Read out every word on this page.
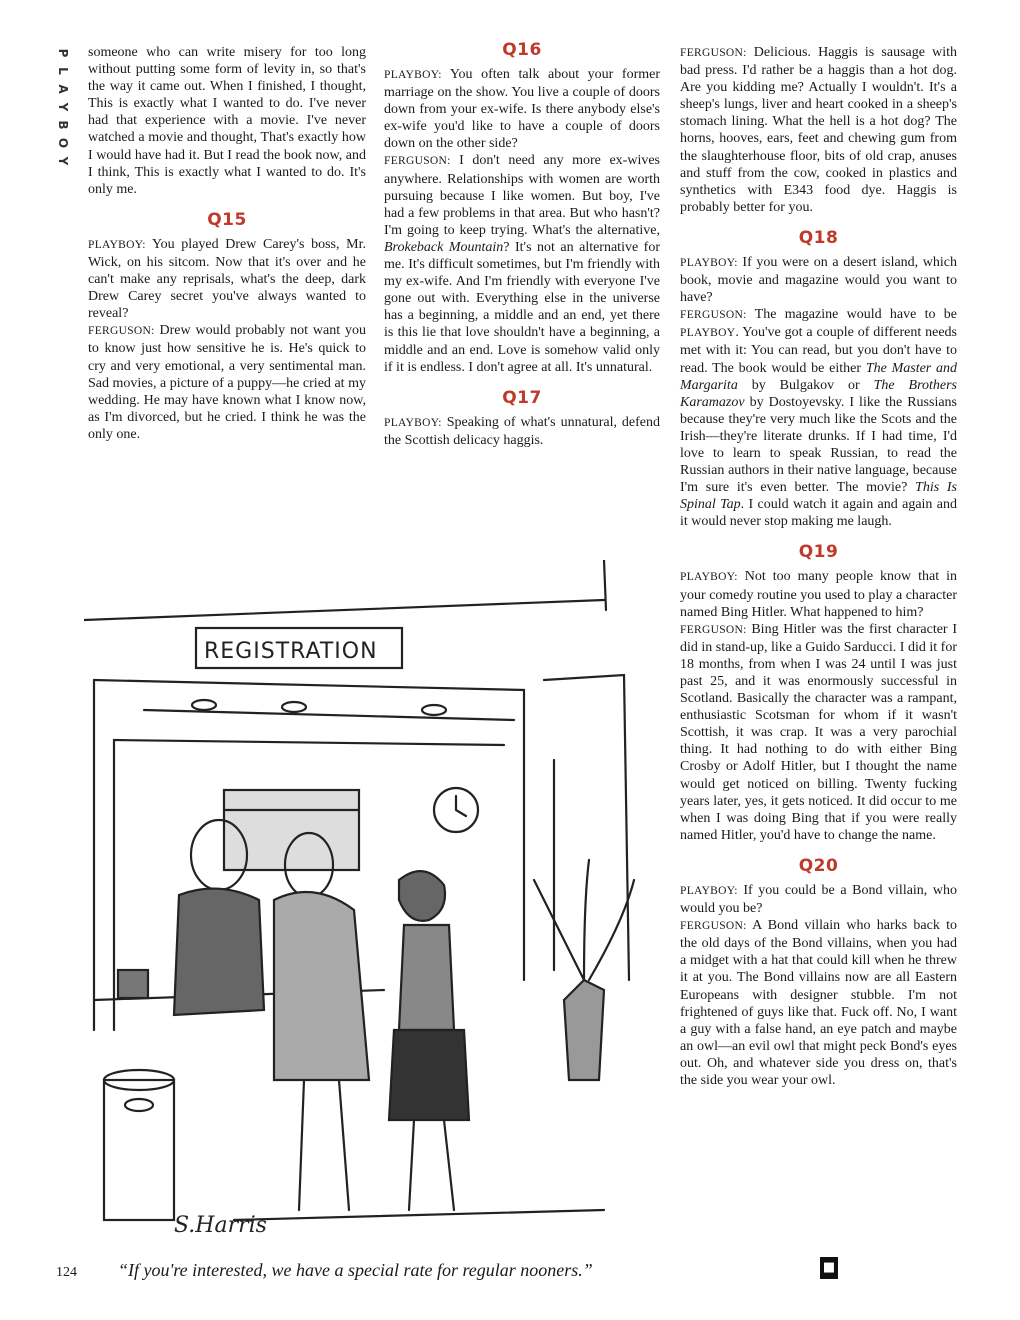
P
L
A
Y
B
O
Y

someone who can write misery for too long without putting some form of levity in, so that's the way it came out. When I finished, I thought, This is exactly what I wanted to do. I've never had that experience with a movie. I've never watched a movie and thought, That's exactly how I would have had it. But I read the book now, and I think, This is exactly what I wanted to do. It's only me.

Q15

PLAYBOY: You played Drew Carey's boss, Mr. Wick, on his sitcom. Now that it's over and he can't make any reprisals, what's the deep, dark Drew Carey secret you've always wanted to reveal?

FERGUSON: Drew would probably not want you to know just how sensitive he is. He's quick to cry and very emotional, a very sentimental man. Sad movies, a picture of a puppy—he cried at my wedding. He may have known what I know now, as I'm divorced, but he cried. I think he was the only one.

Q16

PLAYBOY: You often talk about your former marriage on the show. You live a couple of doors down from your ex-wife. Is there anybody else's ex-wife you'd like to have a couple of doors down on the other side?

FERGUSON: I don't need any more ex-wives anywhere. Relationships with women are worth pursuing because I like women. But boy, I've had a few problems in that area. But who hasn't? I'm going to keep trying. What's the alternative, Brokeback Mountain? It's not an alternative for me. It's difficult sometimes, but I'm friendly with my ex-wife. And I'm friendly with everyone I've gone out with. Everything else in the universe has a beginning, a middle and an end, yet there is this lie that love shouldn't have a beginning, a middle and an end. Love is somehow valid only if it is endless. I don't agree at all. It's unnatural.

Q17

PLAYBOY: Speaking of what's unnatural, defend the Scottish delicacy haggis.

FERGUSON: Delicious. Haggis is sausage with bad press. I'd rather be a haggis than a hot dog. Are you kidding me? Actually I wouldn't. It's a sheep's lungs, liver and heart cooked in a sheep's stomach lining. What the hell is a hot dog? The horns, hooves, ears, feet and chewing gum from the slaughterhouse floor, bits of old crap, anuses and stuff from the cow, cooked in plastics and synthetics with E343 food dye. Haggis is probably better for you.

Q18

PLAYBOY: If you were on a desert island, which book, movie and magazine would you want to have?

FERGUSON: The magazine would have to be PLAYBOY. You've got a couple of different needs met with it: You can read, but you don't have to read. The book would be either The Master and Margarita by Bulgakov or The Brothers Karamazov by Dostoyevsky. I like the Russians because they're very much like the Scots and the Irish—they're literate drunks. If I had time, I'd love to learn to speak Russian, to read the Russian authors in their native language, because I'm sure it's even better. The movie? This Is Spinal Tap. I could watch it again and again and it would never stop making me laugh.

Q19

PLAYBOY: Not too many people know that in your comedy routine you used to play a character named Bing Hitler. What happened to him?

FERGUSON: Bing Hitler was the first character I did in stand-up, like a Guido Sarducci. I did it for 18 months, from when I was 24 until I was just past 25, and it was enormously successful in Scotland. Basically the character was a rampant, enthusiastic Scotsman for whom if it wasn't Scottish, it was crap. It was a very parochial thing. It had nothing to do with either Bing Crosby or Adolf Hitler, but I thought the name would get noticed on billing. Twenty fucking years later, yes, it gets noticed. It did occur to me when I was doing Bing that if you were really named Hitler, you'd have to change the name.

Q20

PLAYBOY: If you could be a Bond villain, who would you be?

FERGUSON: A Bond villain who harks back to the old days of the Bond villains, when you had a midget with a hat that could kill when he threw it at you. The Bond villains now are all Eastern Europeans with designer stubble. I'm not frightened of guys like that. Fuck off. No, I want a guy with a false hand, an eye patch and maybe an owl—an evil owl that might peck Bond's eyes out. Oh, and whatever side you dress on, that's the side you wear your owl.

REGISTRATION
S.Harris
124 “If you're interested, we have a special rate for regular nooners.”	■
